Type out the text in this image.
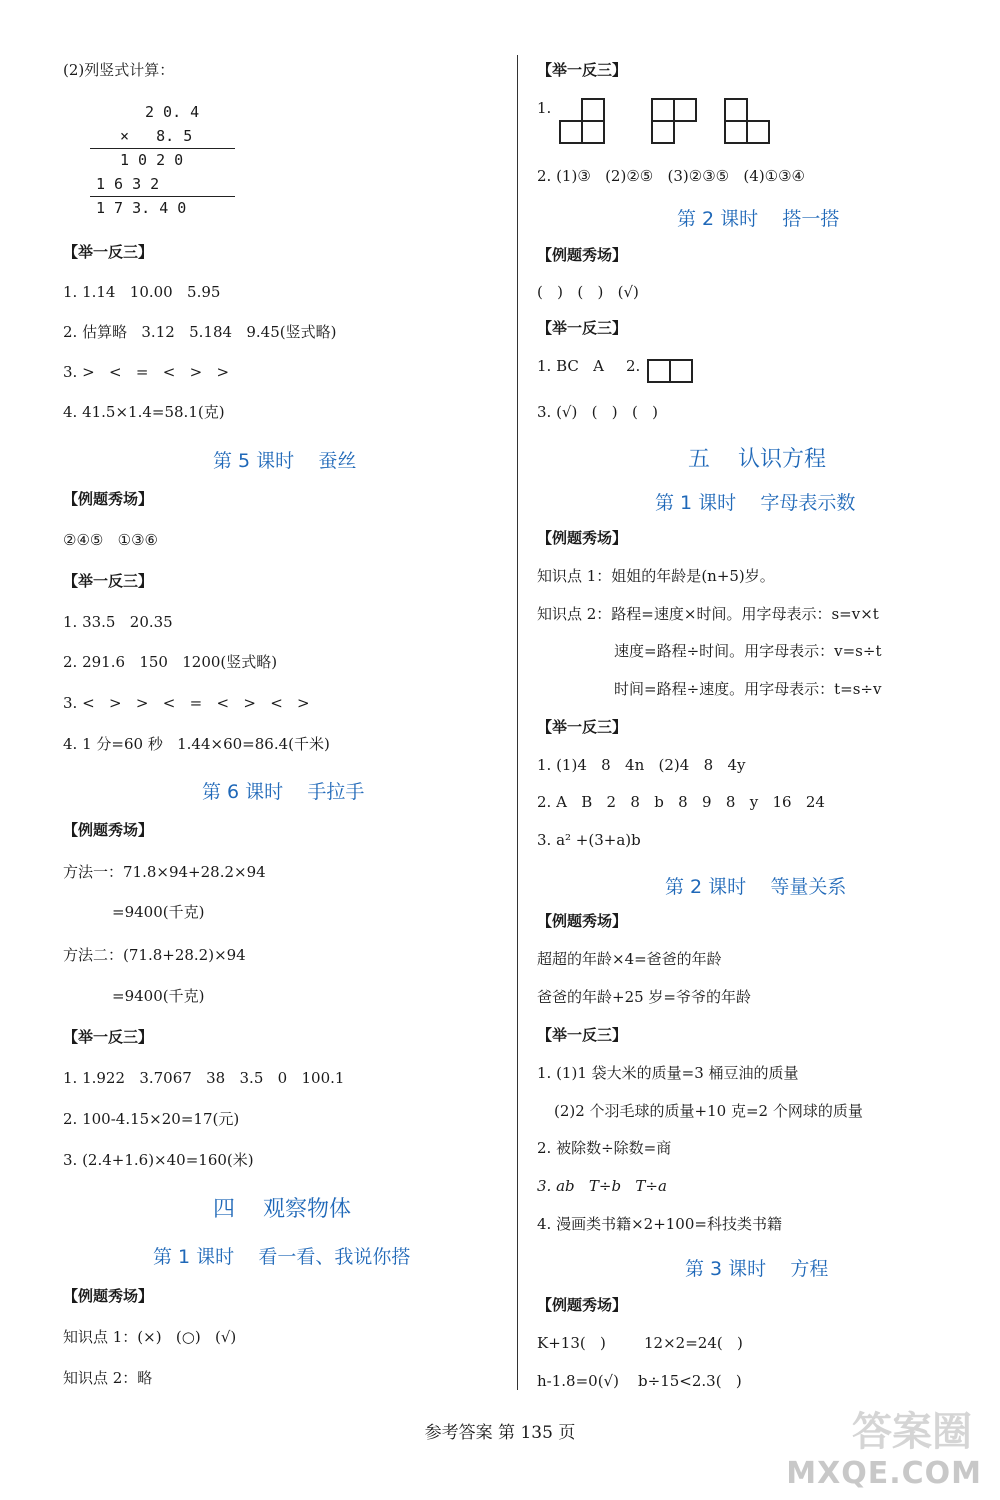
(2)列竖式计算：
2 0. 4
×   8. 5
1 0 2 0
1 6 3 2
1 7 3. 4 0
【举一反三】
1. 1.14   10.00   5.95
2. 估算略   3.12   5.184   9.45(竖式略)
3. >   <   =   <   >   >
4. 41.5×1.4=58.1(克)
第 5 课时    蚕丝
【例题秀场】
②④⑤   ①③⑥
【举一反三】
1. 33.5   20.35
2. 291.6   150   1200(竖式略)
3. <   >   >   <   =   <   >   <   >
4. 1 分=60 秒   1.44×60=86.4(千米)
第 6 课时    手拉手
【例题秀场】
方法一：71.8×94+28.2×94
=9400(千克)
方法二：(71.8+28.2)×94
=9400(千克)
【举一反三】
1. 1.922   3.7067   38   3.5   0   100.1
2. 100-4.15×20=17(元)
3. (2.4+1.6)×40=160(米)
四    观察物体
第 1 课时    看一看、我说你搭
【例题秀场】
知识点 1：(×)   (○)   (√)
知识点 2：略
【举一反三】
1.
2. (1)③   (2)②⑤   (3)②③⑤   (4)①③④
第 2 课时    搭一搭
【例题秀场】
(   )   (   )   (√)
【举一反三】
1. BC   A 2.
3. (√)   (   )   (   )
五    认识方程
第 1 课时    字母表示数
【例题秀场】
知识点 1：姐姐的年龄是(n+5)岁。
知识点 2：路程=速度×时间。用字母表示：s=v×t
速度=路程÷时间。用字母表示：v=s÷t
时间=路程÷速度。用字母表示：t=s÷v
【举一反三】
1. (1)4   8   4n   (2)4   8   4y
2. A   B   2   8   b   8   9   8   y   16   24
3. a² +(3+a)b
第 2 课时    等量关系
【例题秀场】
超超的年龄×4=爸爸的年龄
爸爸的年龄+25 岁=爷爷的年龄
【举一反三】
1. (1)1 袋大米的质量=3 桶豆油的质量
(2)2 个羽毛球的质量+10 克=2 个网球的质量
2. 被除数÷除数=商
3. ab   T÷b   T÷a
4. 漫画类书籍×2+100=科技类书籍
第 3 课时    方程
【例题秀场】
K+13(   )        12×2=24(   )
h-1.8=0(√)    b÷15<2.3(   )
参考答案 第 135 页	答案圈
MXQE.COM
